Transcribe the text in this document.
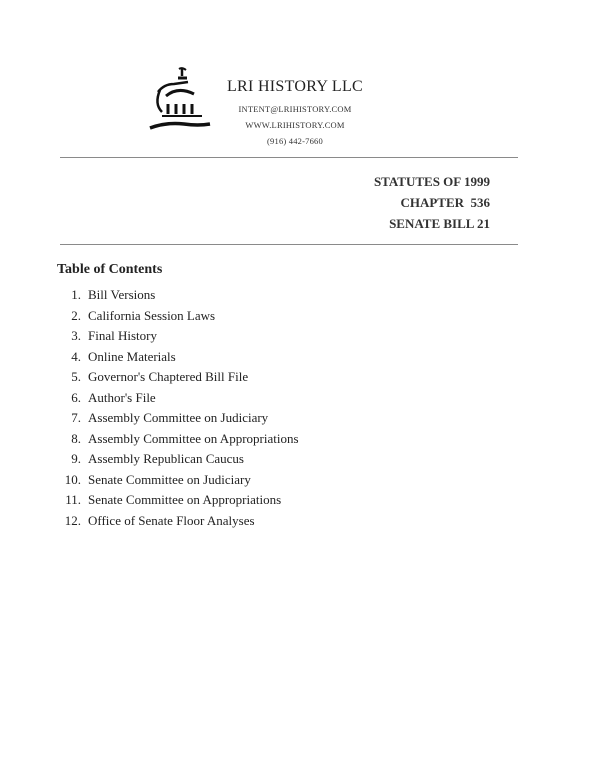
LRI HISTORY LLC
INTENT@LRIHISTORY.COM
WWW.LRIHISTORY.COM
(916) 442-7660
STATUTES OF 1999
CHAPTER  536
SENATE BILL 21
Table of Contents
1. Bill Versions
2. California Session Laws
3. Final History
4. Online Materials
5. Governor's Chaptered Bill File
6. Author's File
7. Assembly Committee on Judiciary
8. Assembly Committee on Appropriations
9. Assembly Republican Caucus
10. Senate Committee on Judiciary
11. Senate Committee on Appropriations
12. Office of Senate Floor Analyses
